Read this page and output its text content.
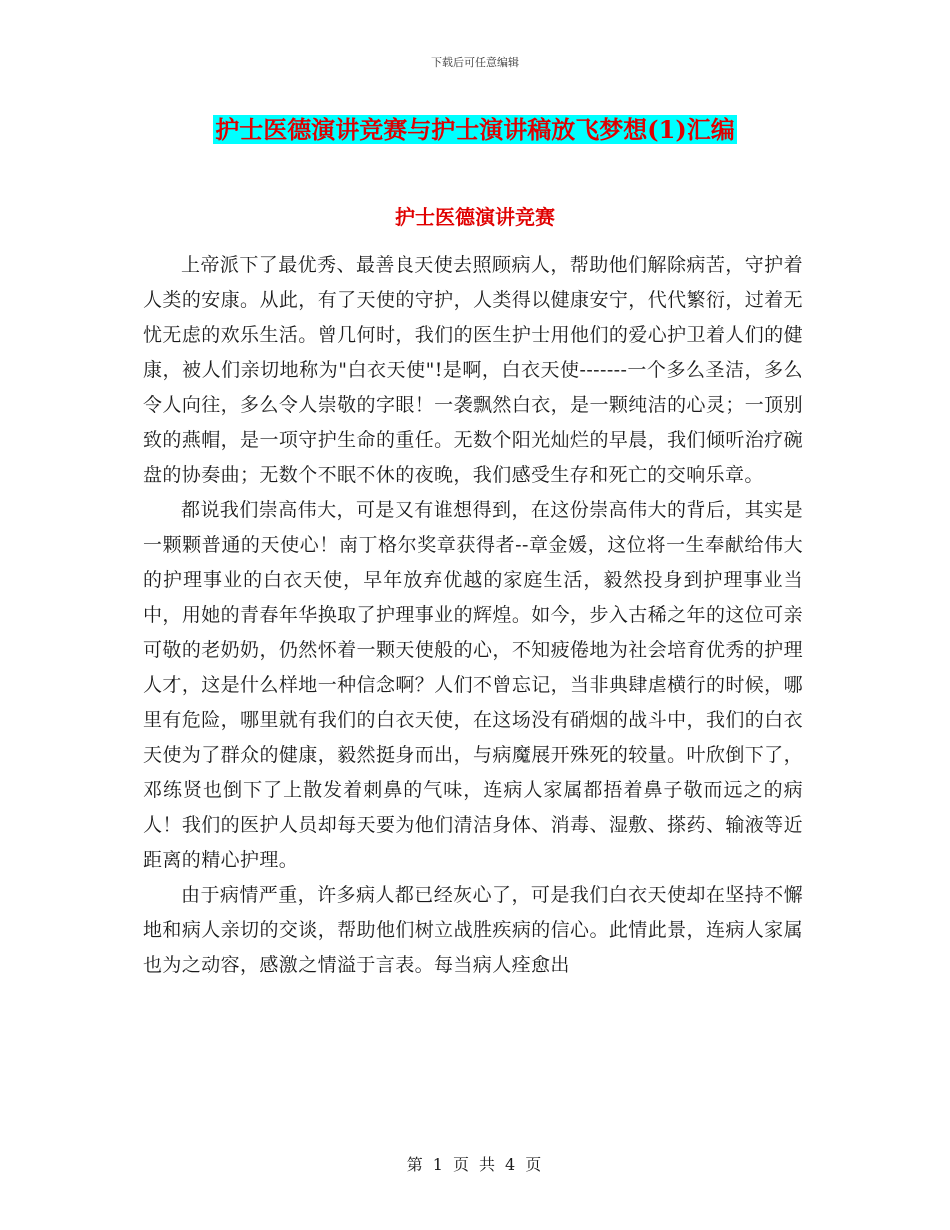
下载后可任意编辑
护士医德演讲竞赛与护士演讲稿放飞梦想(1)汇编
护士医德演讲竞赛

上帝派下了最优秀、最善良天使去照顾病人，帮助他们解除病苦，守护着人类的安康。从此，有了天使的守护，人类得以健康安宁，代代繁衍，过着无忧无虑的欢乐生活。曾几何时，我们的医生护士用他们的爱心护卫着人们的健康，被人们亲切地称为"白衣天使"!是啊，白衣天使-------一个多么圣洁，多么令人向往，多么令人崇敬的字眼！一袭飘然白衣，是一颗纯洁的心灵；一顶别致的燕帽，是一项守护生命的重任。无数个阳光灿烂的早晨，我们倾听治疗碗盘的协奏曲；无数个不眠不休的夜晚，我们感受生存和死亡的交响乐章。

都说我们崇高伟大，可是又有谁想得到，在这份崇高伟大的背后，其实是一颗颗普通的天使心！南丁格尔奖章获得者--章金媛，这位将一生奉献给伟大的护理事业的白衣天使，早年放弃优越的家庭生活，毅然投身到护理事业当中，用她的青春年华换取了护理事业的辉煌。如今，步入古稀之年的这位可亲可敬的老奶奶，仍然怀着一颗天使般的心，不知疲倦地为社会培育优秀的护理人才，这是什么样地一种信念啊？人们不曾忘记，当非典肆虐横行的时候，哪里有危险，哪里就有我们的白衣天使，在这场没有硝烟的战斗中，我们的白衣天使为了群众的健康，毅然挺身而出，与病魔展开殊死的较量。叶欣倒下了，邓练贤也倒下了上散发着刺鼻的气味，连病人家属都捂着鼻子敬而远之的病人！我们的医护人员却每天要为他们清洁身体、消毒、湿敷、搽药、输液等近距离的精心护理。

由于病情严重，许多病人都已经灰心了，可是我们白衣天使却在坚持不懈地和病人亲切的交谈，帮助他们树立战胜疾病的信心。此情此景，连病人家属也为之动容，感激之情溢于言表。每当病人痊愈出

第 1 页 共 4 页
